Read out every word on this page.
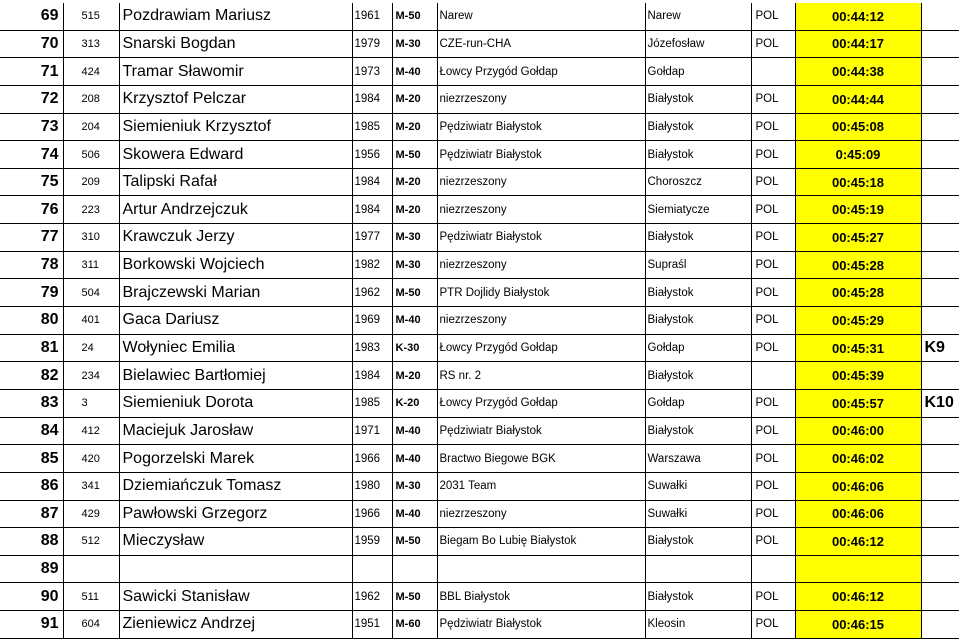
69	515	Pozdrawiam Mariusz	1961	M-50	Narew	Narew	POL	00:44:12	
70	313	Snarski Bogdan	1979	M-30	CZE-run-CHA	Józefosław	POL	00:44:17	
71	424	Tramar Sławomir	1973	M-40	Łowcy Przygód Gołdap	Gołdap		00:44:38	
72	208	Krzysztof Pelczar	1984	M-20	niezrzeszony	Białystok	POL	00:44:44	
73	204	Siemieniuk Krzysztof	1985	M-20	Pędziwiatr Białystok	Białystok	POL	00:45:08	
74	506	Skowera Edward	1956	M-50	Pędziwiatr Białystok	Białystok	POL	0:45:09	
75	209	Talipski Rafał	1984	M-20	niezrzeszony	Choroszcz	POL	00:45:18	
76	223	Artur Andrzejczuk	1984	M-20	niezrzeszony	Siemiatycze	POL	00:45:19	
77	310	Krawczuk Jerzy	1977	M-30	Pędziwiatr Białystok	Białystok	POL	00:45:27	
78	311	Borkowski Wojciech	1982	M-30	niezrzeszony	Supraśl	POL	00:45:28	
79	504	Brajczewski Marian	1962	M-50	PTR Dojlidy Białystok	Białystok	POL	00:45:28	
80	401	Gaca Dariusz	1969	M-40	niezrzeszony	Białystok	POL	00:45:29	
81	24	Wołyniec Emilia	1983	K-30	Łowcy Przygód Gołdap	Gołdap	POL	00:45:31	K9
82	234	Bielawiec Bartłomiej	1984	M-20	RS nr. 2	Białystok		00:45:39	
83	3	Siemieniuk Dorota	1985	K-20	Łowcy Przygód Gołdap	Gołdap	POL	00:45:57	K10
84	412	Maciejuk Jarosław	1971	M-40	Pędziwiatr Białystok	Białystok	POL	00:46:00	
85	420	Pogorzelski Marek	1966	M-40	Bractwo Biegowe BGK	Warszawa	POL	00:46:02	
86	341	Dziemiańczuk Tomasz	1980	M-30	2031 Team	Suwałki	POL	00:46:06	
87	429	Pawłowski Grzegorz	1966	M-40	niezrzeszony	Suwałki	POL	00:46:06	
88	512	Mieczysław	1959	M-50	Biegam Bo Lubię Białystok	Białystok	POL	00:46:12	
89									
90	511	Sawicki Stanisław	1962	M-50	BBL Białystok	Białystok	POL	00:46:12	
91	604	Zieniewicz Andrzej	1951	M-60	Pędziwiatr Białystok	Kleosin	POL	00:46:15	
